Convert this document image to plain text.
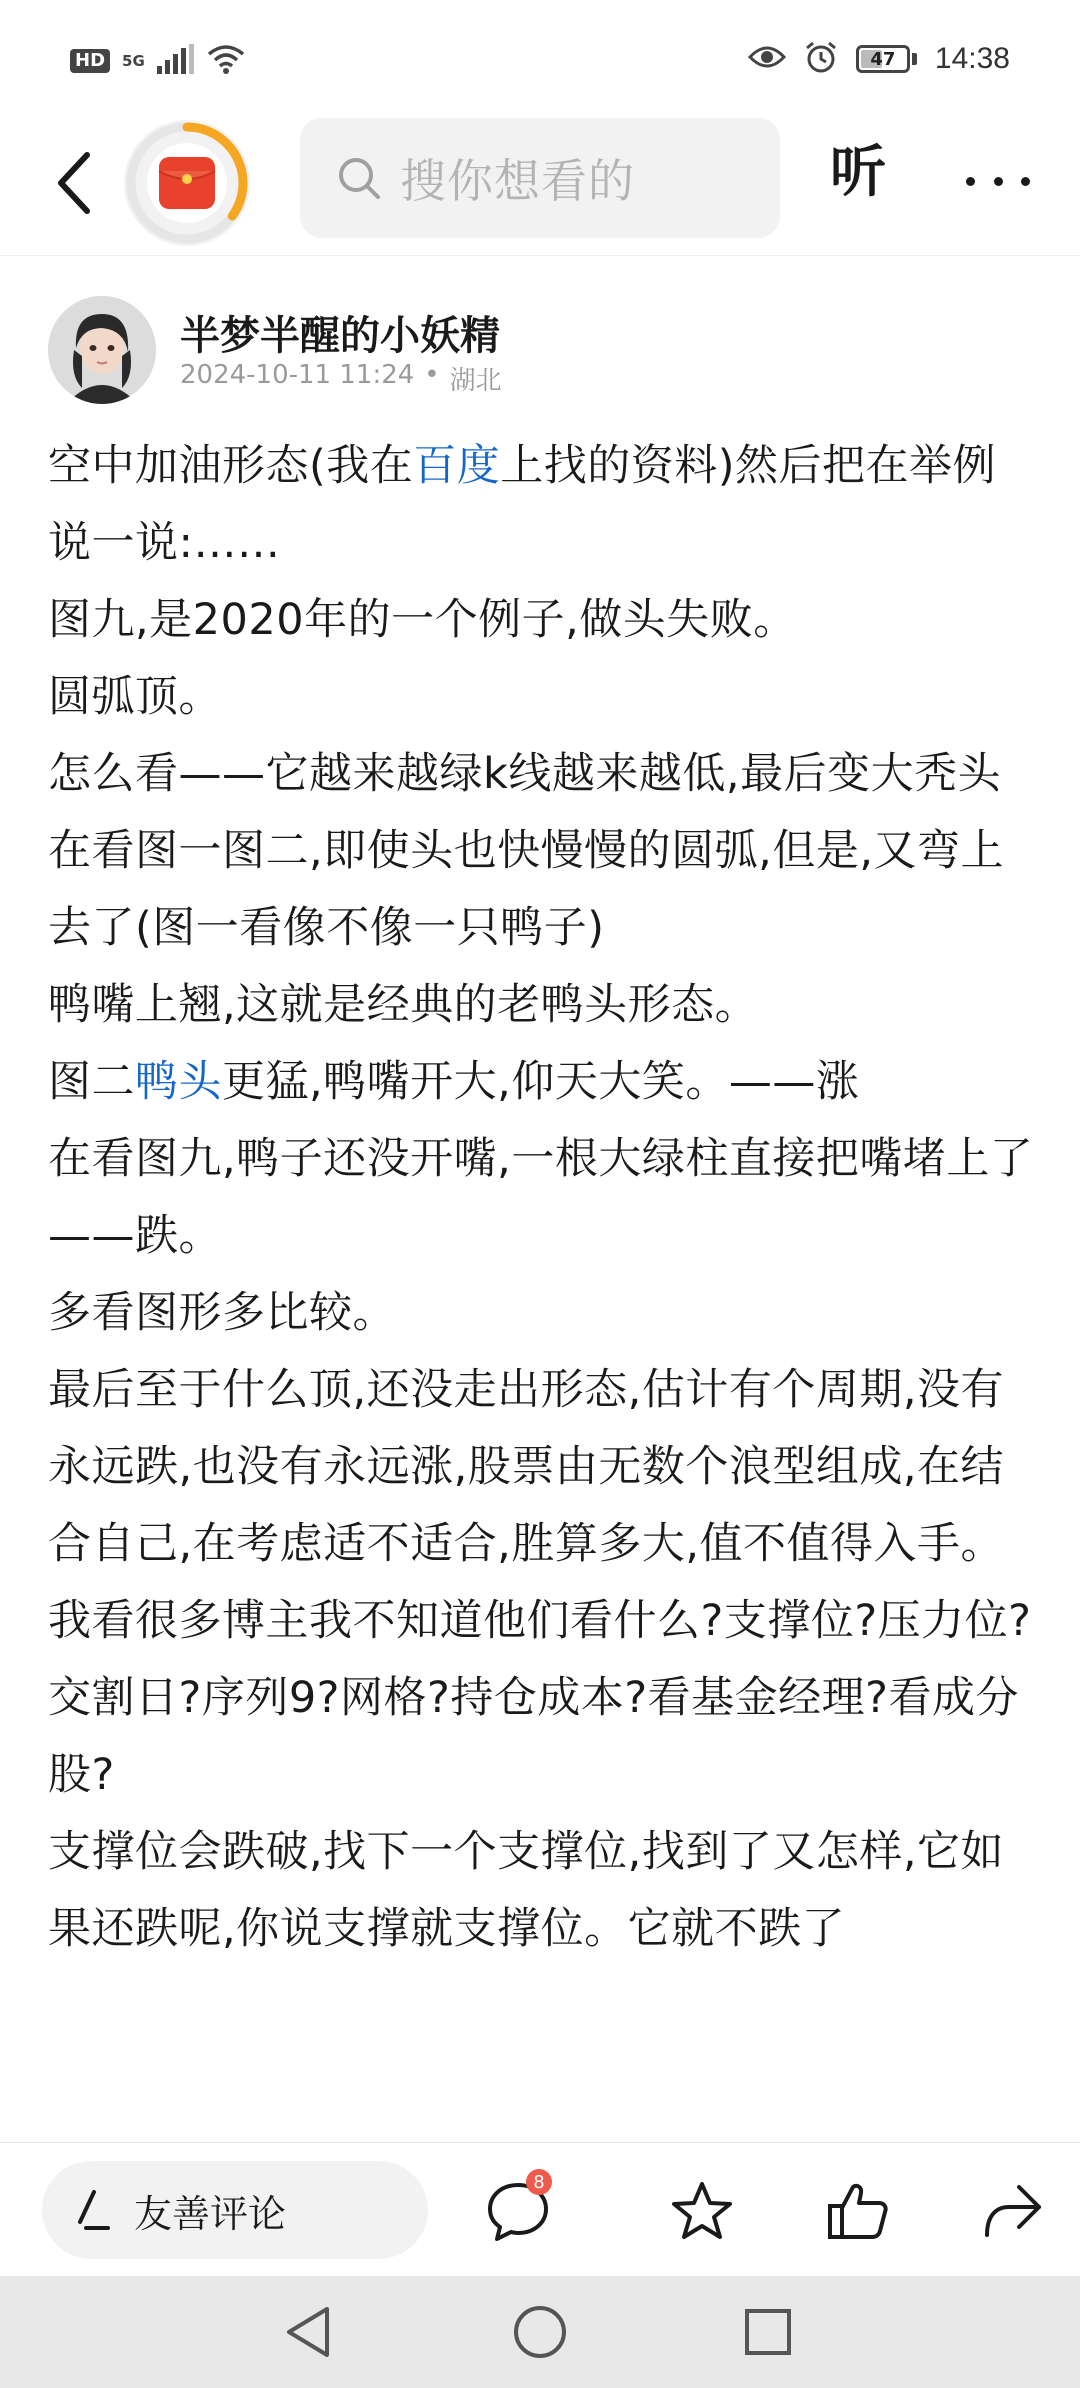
HD	5G	47 14:38
搜你想看的	听
半梦半醒的小妖精
2024-10-11 11:24 • 湖北

空中加油形态(我在百度上找的资料)然后把在举例说一说:……

图九,是2020年的一个例子,做头失败。

圆弧顶。

怎么看——它越来越绿k线越来越低,最后变大秃头

在看图一图二,即使头也快慢慢的圆弧,但是,又弯上去了(图一看像不像一只鸭子)

鸭嘴上翘,这就是经典的老鸭头形态。

图二鸭头更猛,鸭嘴开大,仰天大笑。——涨

在看图九,鸭子还没开嘴,一根大绿柱直接把嘴堵上了——跌。

多看图形多比较。

最后至于什么顶,还没走出形态,估计有个周期,没有永远跌,也没有永远涨,股票由无数个浪型组成,在结合自己,在考虑适不适合,胜算多大,值不值得入手。

我看很多博主我不知道他们看什么?支撑位?压力位?交割日?序列9?网格?持仓成本?看基金经理?看成分股?

支撑位会跌破,找下一个支撑位,找到了又怎样,它如果还跌呢,你说支撑就支撑位。它就不跌了

友善评论
8
